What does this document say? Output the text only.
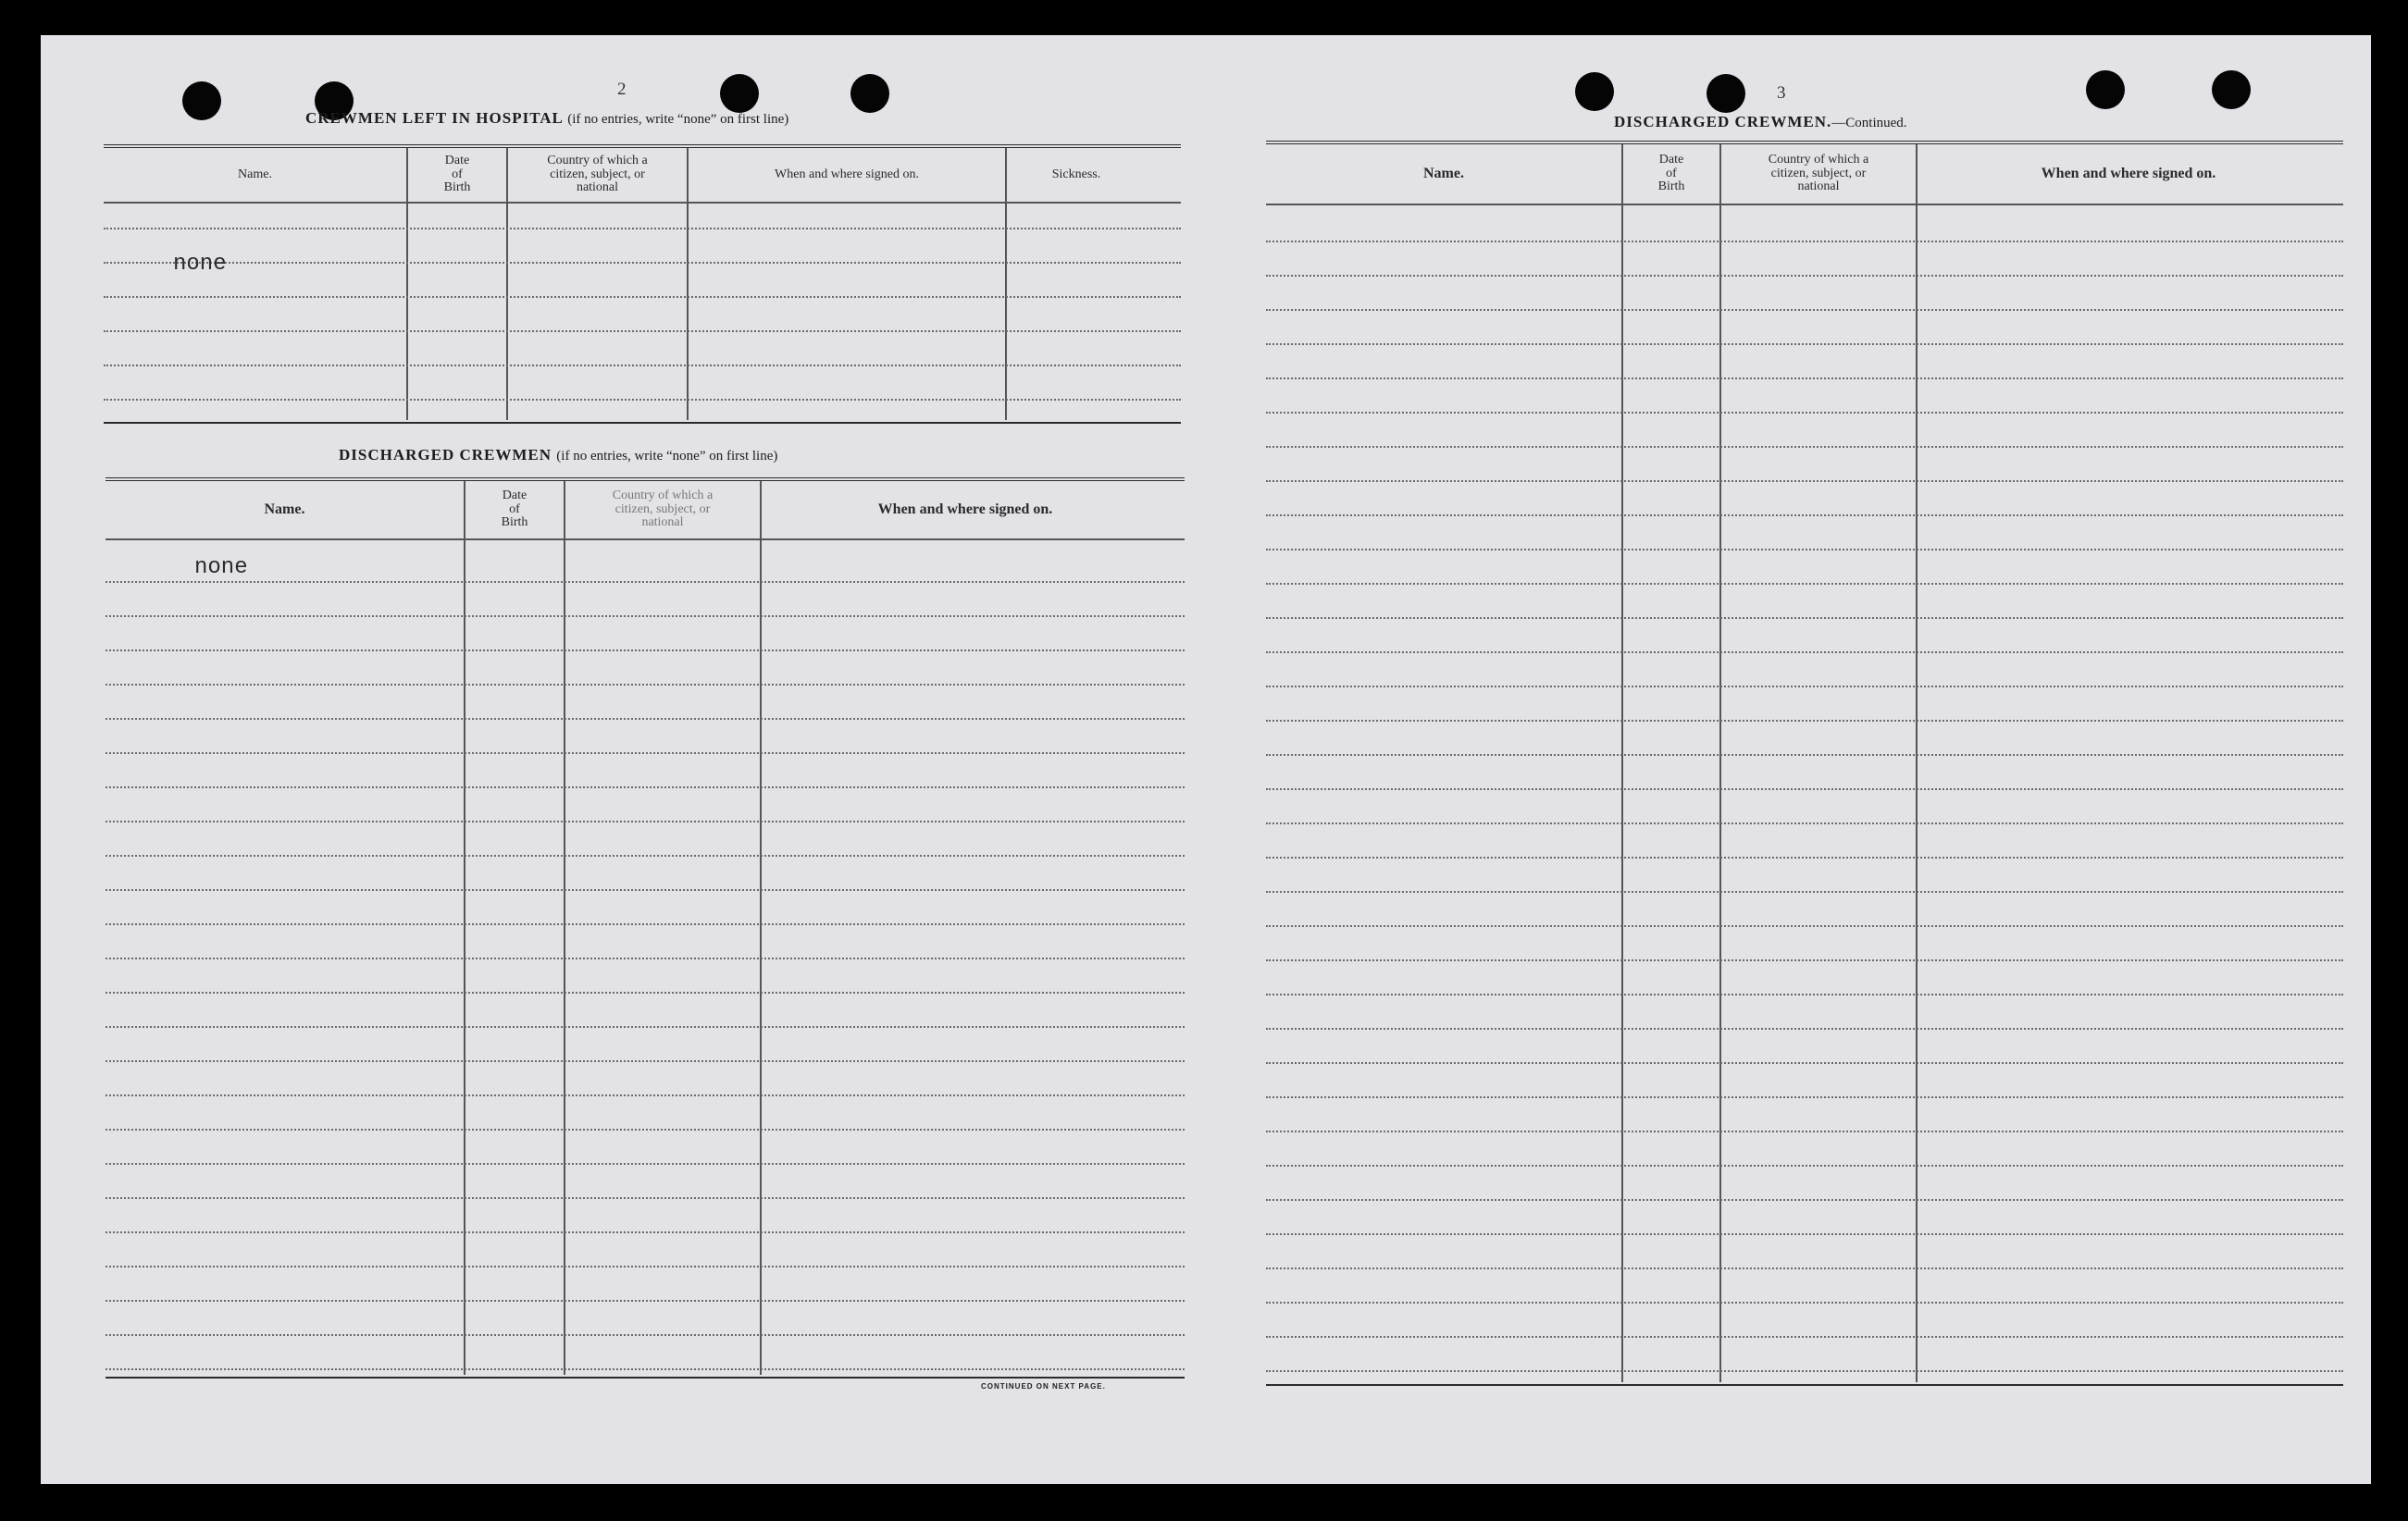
2
CREWMEN LEFT IN HOSPITAL (if no entries, write “none” on first line)
Name.
Date
of
Birth
Country of which a
citizen, subject, or
national
When and where signed on.	Sickness.
none
DISCHARGED CREWMEN (if no entries, write “none” on first line)
Name.
Date
of
Birth
Country of which a
citizen, subject, or
national
When and where signed on.
none
CONTINUED ON NEXT PAGE.
3
DISCHARGED CREWMEN.—Continued.
Name.
Date
of
Birth
Country of which a
citizen, subject, or
national
When and where signed on.
